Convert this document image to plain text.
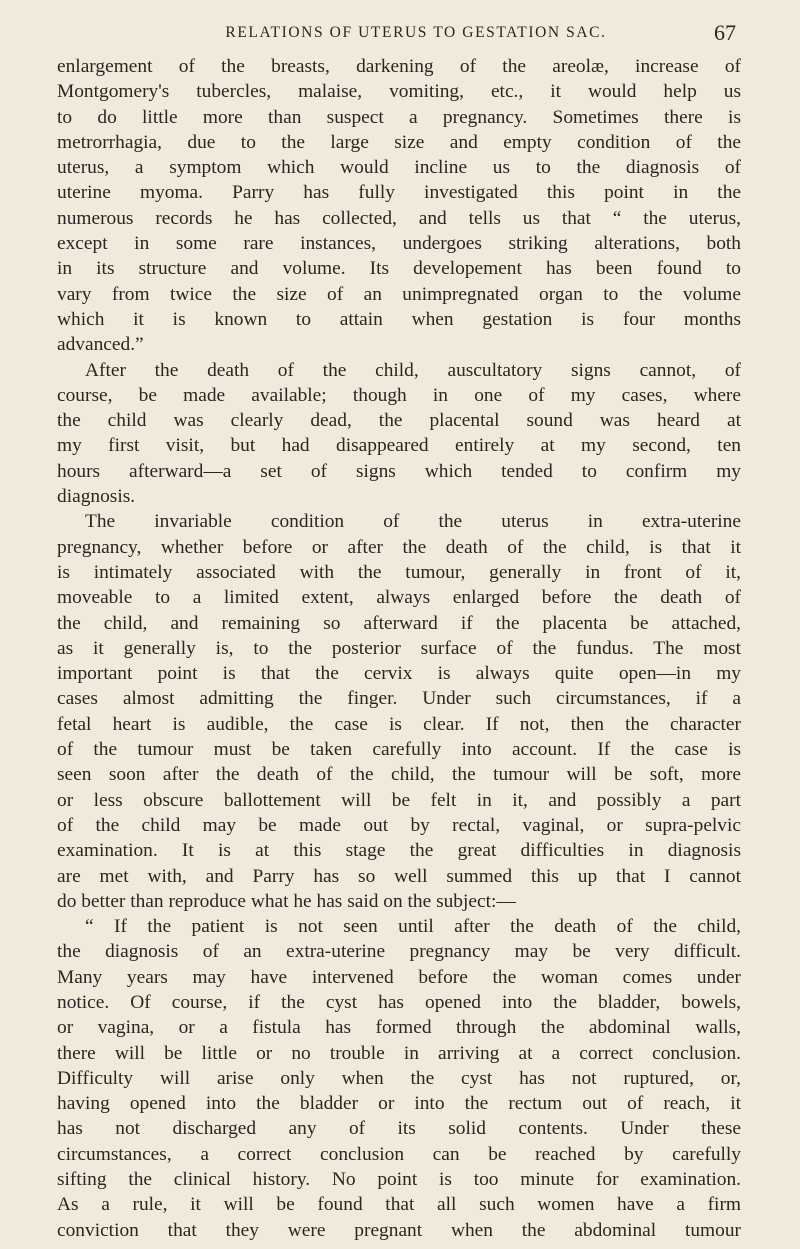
RELATIONS OF UTERUS TO GESTATION SAC.	67
enlargement of the breasts, darkening of the areolæ, increase of
Montgomery's tubercles, malaise, vomiting, etc., it would help us
to do little more than suspect a pregnancy. Sometimes there is
metrorrhagia, due to the large size and empty condition of the
uterus, a symptom which would incline us to the diagnosis of
uterine myoma. Parry has fully investigated this point in the
numerous records he has collected, and tells us that “ the uterus,
except in some rare instances, undergoes striking alterations, both
in its structure and volume. Its developement has been found to
vary from twice the size of an unimpregnated organ to the volume
which it is known to attain when gestation is four months
advanced.”
After the death of the child, auscultatory signs cannot, of
course, be made available; though in one of my cases, where
the child was clearly dead, the placental sound was heard at
my first visit, but had disappeared entirely at my second, ten
hours afterward—a set of signs which tended to confirm my
diagnosis.
The invariable condition of the uterus in extra-uterine
pregnancy, whether before or after the death of the child, is that it
is intimately associated with the tumour, generally in front of it,
moveable to a limited extent, always enlarged before the death of
the child, and remaining so afterward if the placenta be attached,
as it generally is, to the posterior surface of the fundus. The most
important point is that the cervix is always quite open—in my
cases almost admitting the finger. Under such circumstances, if a
fetal heart is audible, the case is clear. If not, then the character
of the tumour must be taken carefully into account. If the case is
seen soon after the death of the child, the tumour will be soft, more
or less obscure ballottement will be felt in it, and possibly a part
of the child may be made out by rectal, vaginal, or supra-pelvic
examination. It is at this stage the great difficulties in diagnosis
are met with, and Parry has so well summed this up that I cannot
do better than reproduce what he has said on the subject:—
“ If the patient is not seen until after the death of the child,
the diagnosis of an extra-uterine pregnancy may be very difficult.
Many years may have intervened before the woman comes under
notice. Of course, if the cyst has opened into the bladder, bowels,
or vagina, or a fistula has formed through the abdominal walls,
there will be little or no trouble in arriving at a correct conclusion.
Difficulty will arise only when the cyst has not ruptured, or,
having opened into the bladder or into the rectum out of reach, it
has not discharged any of its solid contents. Under these
circumstances, a correct conclusion can be reached by carefully
sifting the clinical history. No point is too minute for examination.
As a rule, it will be found that all such women have a firm
conviction that they were pregnant when the abdominal tumour
